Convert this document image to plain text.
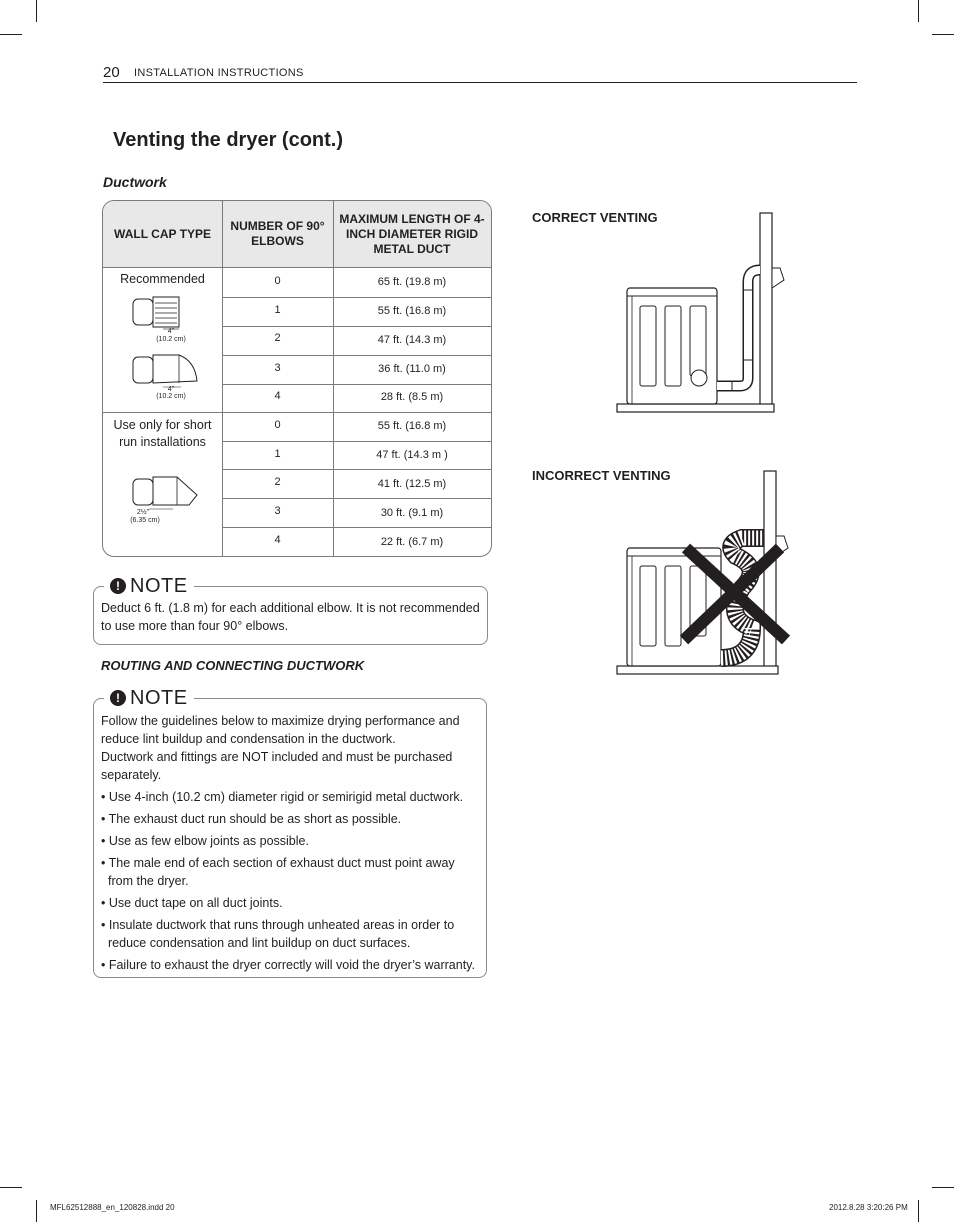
20 INSTALLATION INSTRUCTIONS
Venting the dryer (cont.)
Ductwork
WALL CAP TYPE
NUMBER OF 90° ELBOWS
MAXIMUM LENGTH OF 4-INCH DIAMETER RIGID METAL DUCT
Recommended
4"
(10.2 cm)
4"
(10.2 cm)
0	65 ft. (19.8 m)
1	55 ft. (16.8 m)
2	47 ft. (14.3 m)
3	36 ft. (11.0 m)
4	28 ft. (8.5 m)
Use only for short
run installations
2½"
(6.35 cm)
0	55 ft. (16.8 m)
1	47 ft. (14.3 m )
2	41 ft. (12.5 m)
3	30 ft. (9.1 m)
4	22 ft. (6.7 m)
! NOTE
Deduct 6 ft. (1.8 m) for each additional elbow. It is not recommended
to use more than four 90° elbows.
ROUTING AND CONNECTING DUCTWORK
! NOTE
Follow the guidelines below to maximize drying performance and reduce lint buildup and condensation in the ductwork.
Ductwork and fittings are NOT included and must be purchased separately.
• Use 4-inch (10.2 cm) diameter rigid or semirigid metal ductwork.
• The exhaust duct run should be as short as possible.
• Use as few elbow joints as possible.
• The male end of each section of exhaust duct must point away from the dryer.
• Use duct tape on all duct joints.
• Insulate ductwork that runs through unheated areas in order to reduce condensation and lint buildup on duct surfaces.
• Failure to exhaust the dryer correctly will void the dryer’s warranty.
CORRECT VENTING
INCORRECT VENTING
MFL62512888_en_120828.indd 20	2012.8.28 3:20:26 PM
